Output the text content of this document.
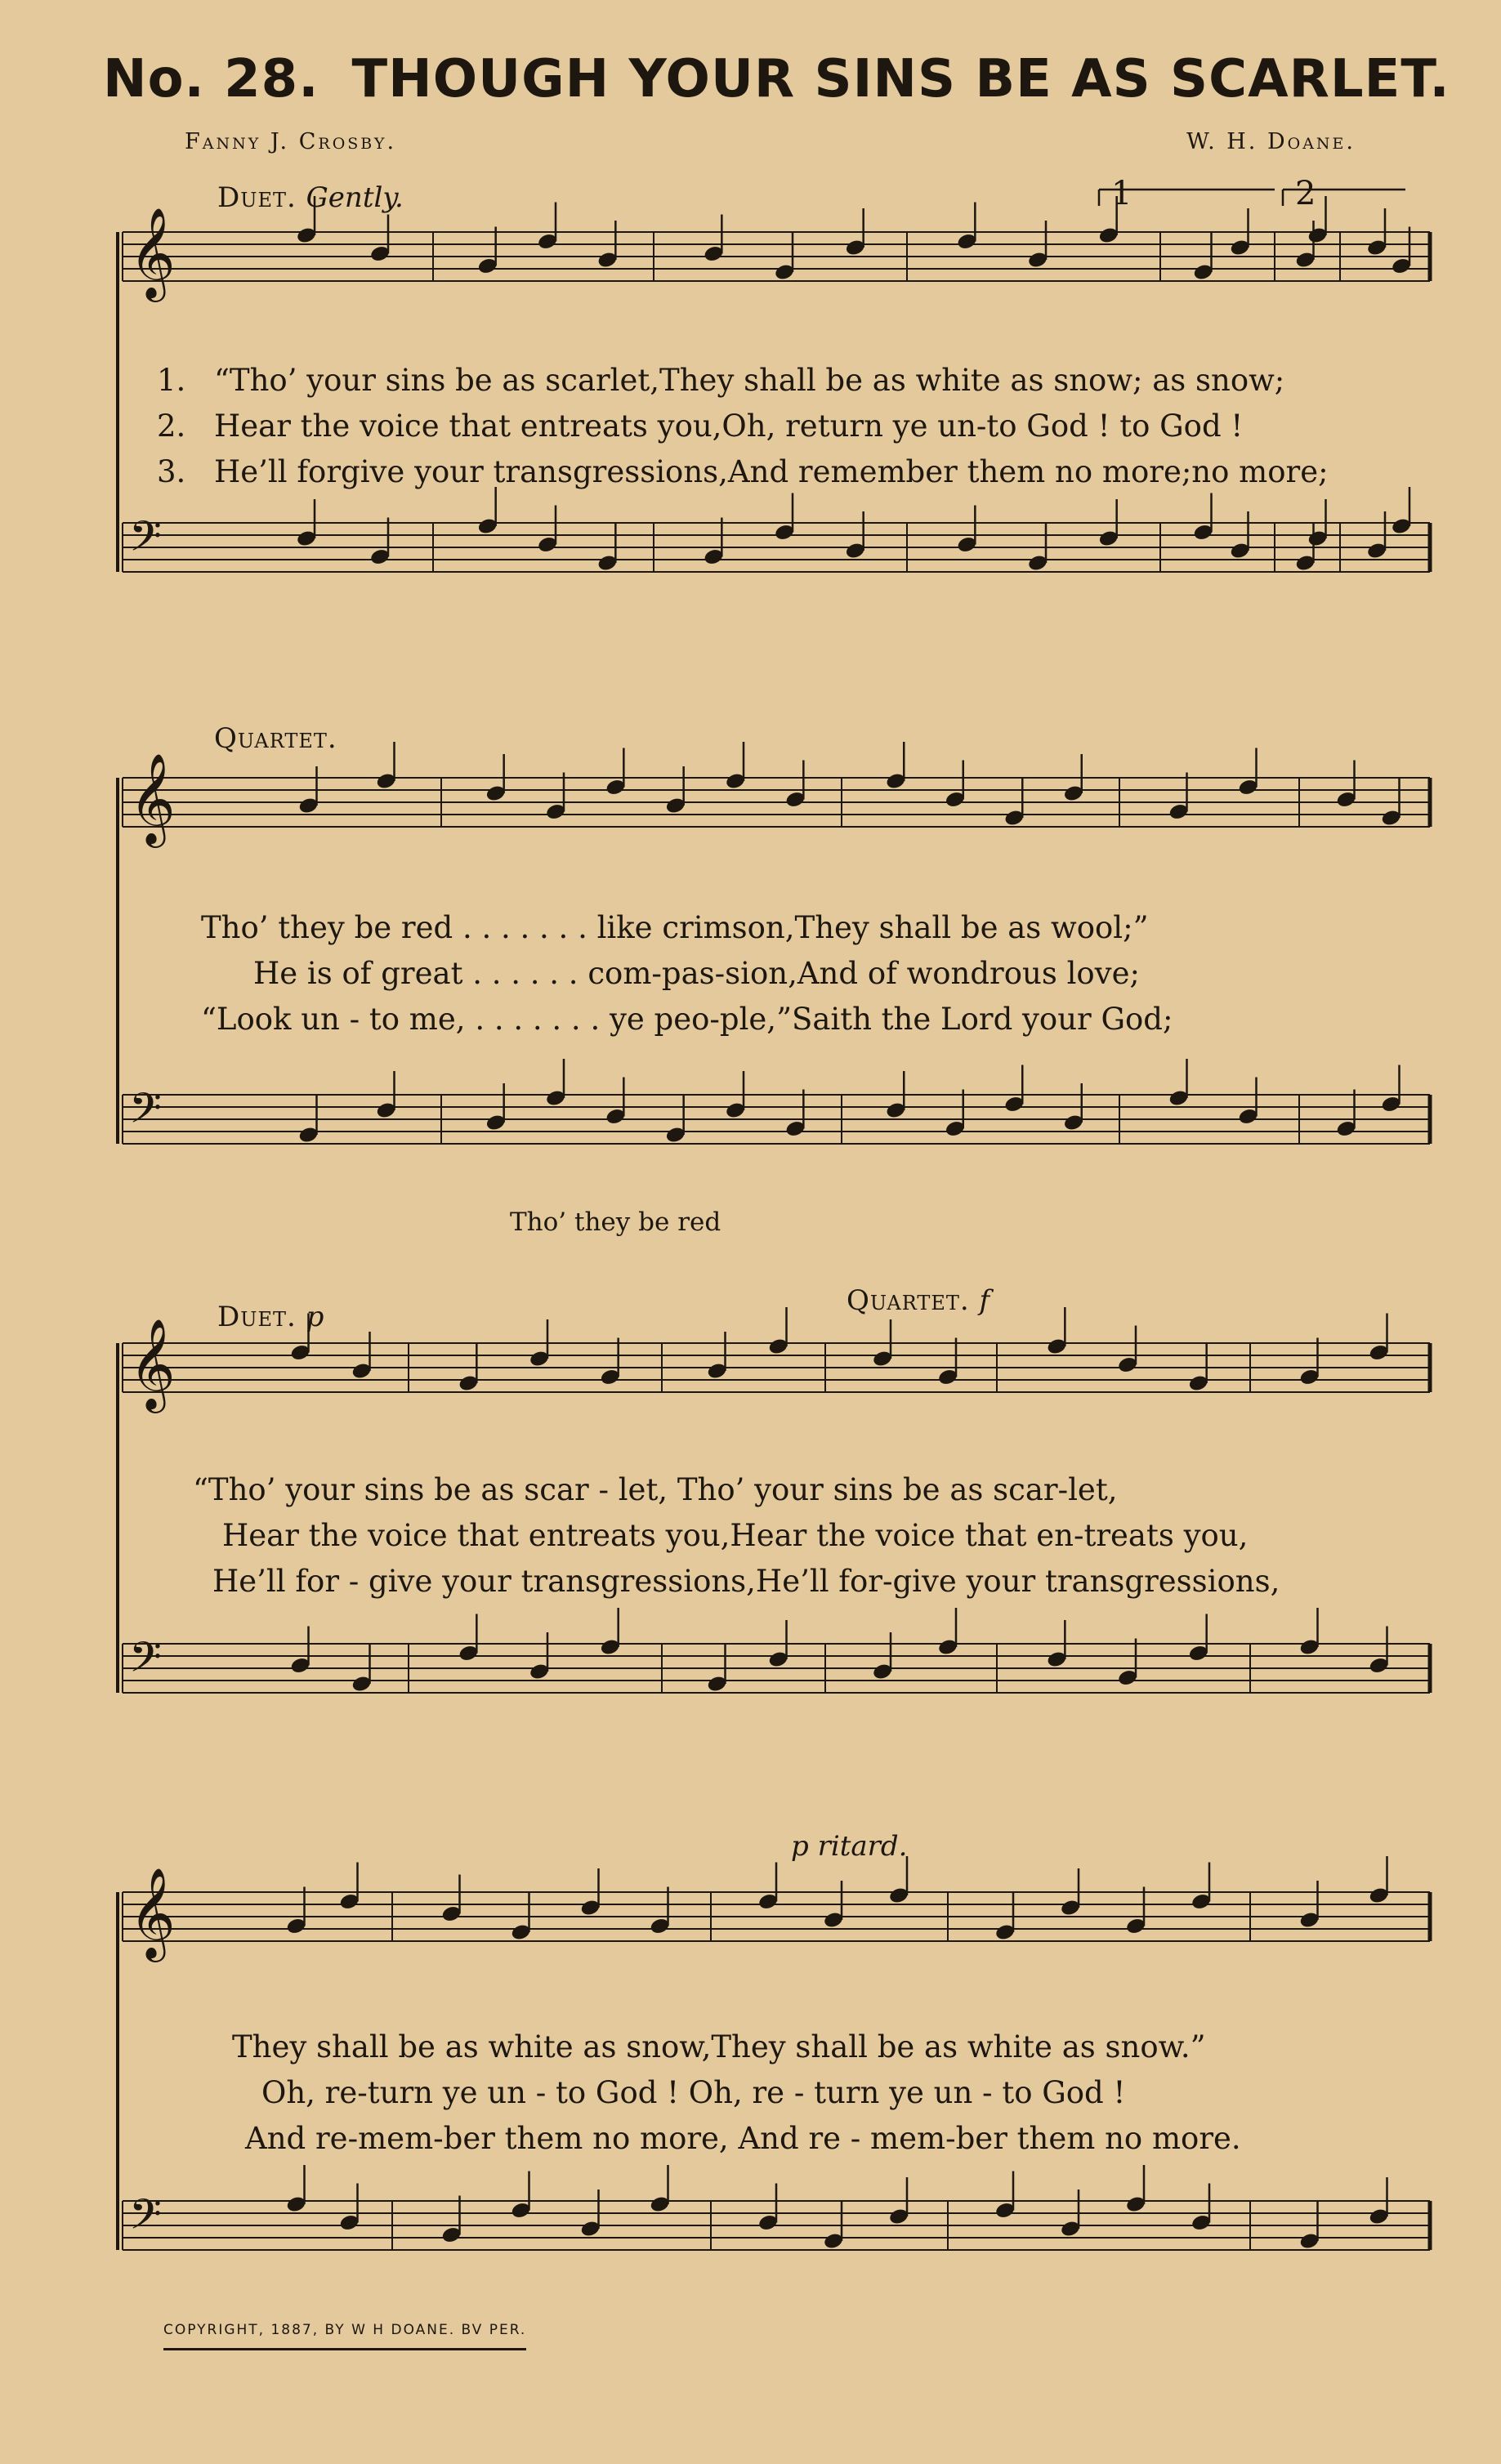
No. 28. THOUGH YOUR SINS BE AS SCARLET.
Fanny J. Crosby.	W. H. Doane.
𝄞
𝄢
𝄞
𝄢
𝄞
𝄢
𝄞
𝄢
Duet. Gently.	1	2
1. “Tho’ your sins be as scarlet,They shall be as white as snow; as snow;
2. Hear the voice that entreats you,Oh, return ye un-to God ! to God !
3. He’ll forgive your transgressions,And remember them no more;no more;
Quartet.
Tho’ they be red . . . . . . . like crimson,They shall be as wool;”
He is of great . . . . . . com-pas-sion,And of wondrous love;
“Look un - to me, . . . . . . . ye peo-ple,”Saith the Lord your God;
Tho’ they be red
Duet. p	Quartet. f
“Tho’ your sins be as scar - let, Tho’ your sins be as scar-let,
Hear the voice that entreats you,Hear the voice that en-treats you,
He’ll for - give your transgressions,He’ll for-give your transgressions,
p ritard.
They shall be as white as snow,They shall be as white as snow.”
Oh, re-turn ye un - to God ! Oh, re - turn ye un - to God !
And re-mem-ber them no more, And re - mem-ber them no more.
COPYRIGHT, 1887, BY W H DOANE. BV PER.
